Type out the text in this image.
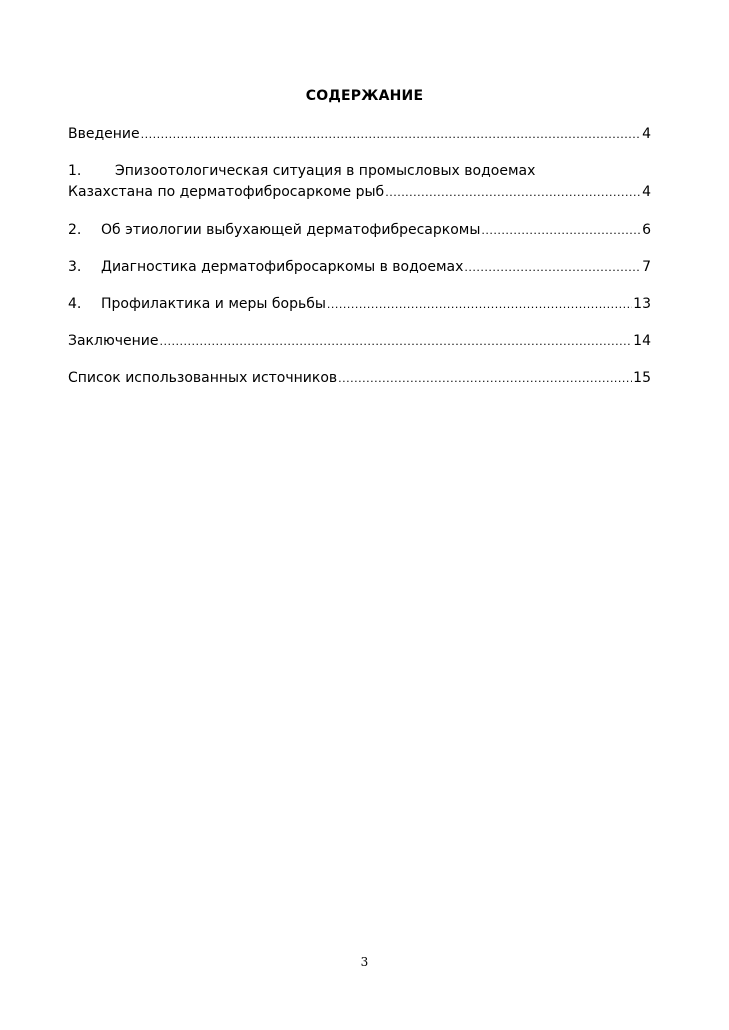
СОДЕРЖАНИЕ
Введение .....	4
1.	Эпизоотологическая ситуация в промысловых водоемах
Казахстана по дерматофибросаркоме рыб .....	4
2.	Об этиологии выбухающей дерматофибресаркомы .....	6
3.	Диагностика дерматофибросаркомы в водоемах .....	7
4.	Профилактика и меры борьбы .....	13
Заключение .....	14
Список использованных источников .....	15
3
